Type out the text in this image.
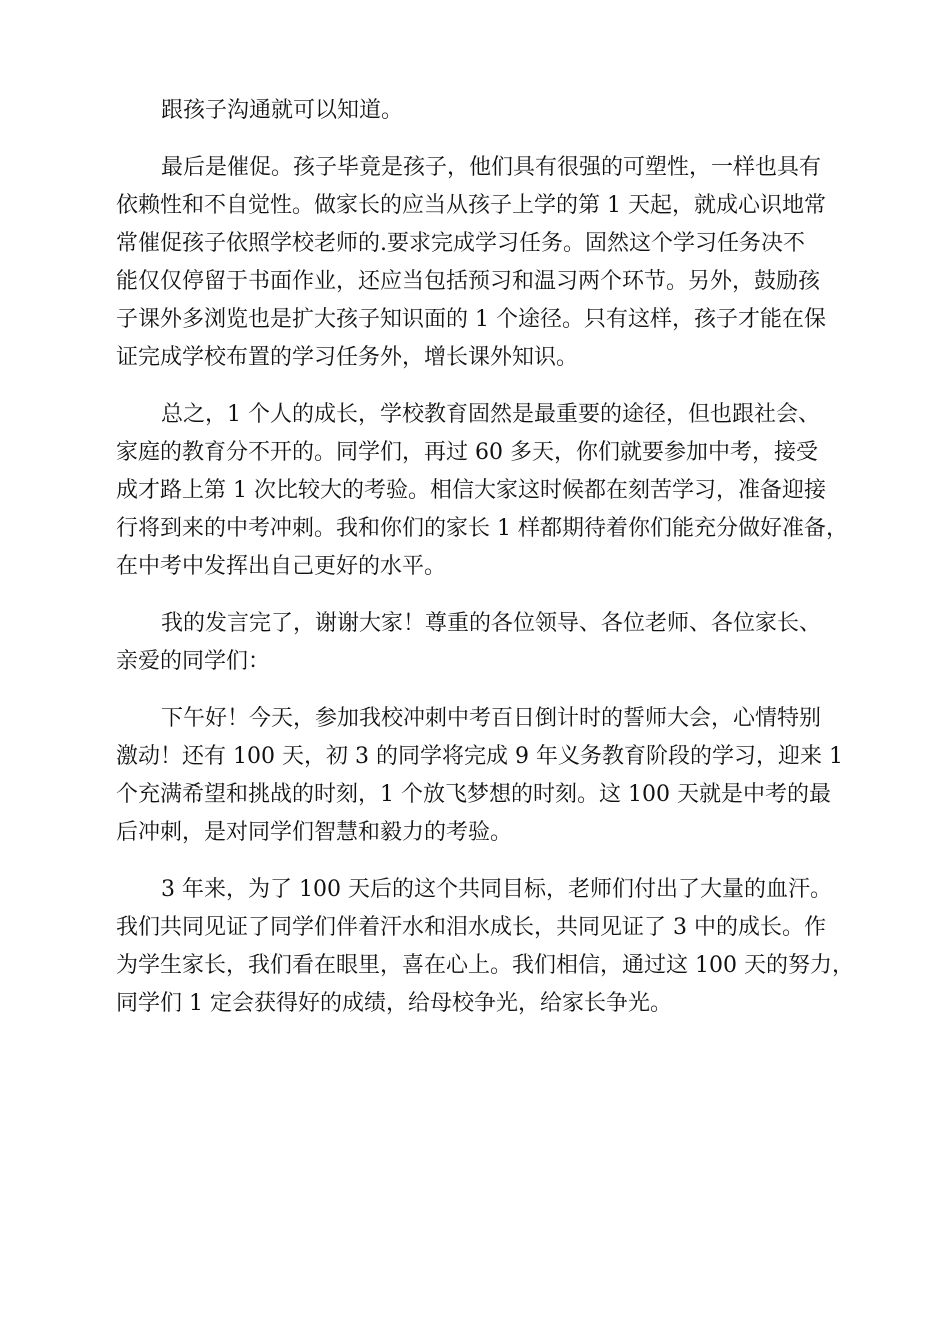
跟孩子沟通就可以知道。

最后是催促。孩子毕竟是孩子，他们具有很强的可塑性，一样也具有
依赖性和不自觉性。做家长的应当从孩子上学的第 1 天起，就成心识地常
常催促孩子依照学校老师的.要求完成学习任务。固然这个学习任务决不
能仅仅停留于书面作业，还应当包括预习和温习两个环节。另外，鼓励孩
子课外多浏览也是扩大孩子知识面的 1 个途径。只有这样，孩子才能在保
证完成学校布置的学习任务外，增长课外知识。

总之，1 个人的成长，学校教育固然是最重要的途径，但也跟社会、
家庭的教育分不开的。同学们，再过 60 多天，你们就要参加中考，接受
成才路上第 1 次比较大的考验。相信大家这时候都在刻苦学习，准备迎接
行将到来的中考冲刺。我和你们的家长 1 样都期待着你们能充分做好准备，
在中考中发挥出自己更好的水平。

我的发言完了，谢谢大家！尊重的各位领导、各位老师、各位家长、
亲爱的同学们：

下午好！今天，参加我校冲刺中考百日倒计时的誓师大会，心情特别
激动！还有 100 天，初 3 的同学将完成 9 年义务教育阶段的学习，迎来 1
个充满希望和挑战的时刻，1 个放飞梦想的时刻。这 100 天就是中考的最
后冲刺，是对同学们智慧和毅力的考验。

3 年来，为了 100 天后的这个共同目标，老师们付出了大量的血汗。
我们共同见证了同学们伴着汗水和泪水成长，共同见证了 3 中的成长。作
为学生家长，我们看在眼里，喜在心上。我们相信，通过这 100 天的努力，
同学们 1 定会获得好的成绩，给母校争光，给家长争光。
